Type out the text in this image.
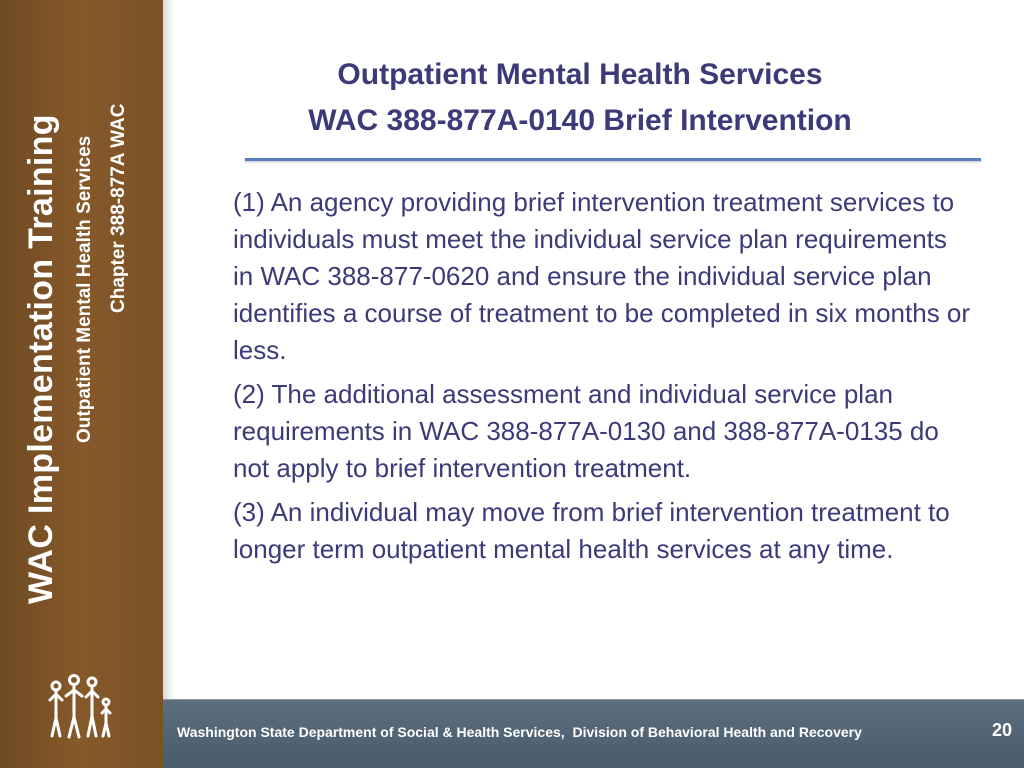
WAC Implementation Training Outpatient Mental Health Services Chapter 388-877A WAC
Outpatient Mental Health Services
WAC 388-877A-0140 Brief Intervention

(1) An agency providing brief intervention treatment services to individuals must meet the individual service plan requirements in WAC 388-877-0620 and ensure the individual service plan identifies a course of treatment to be completed in six months or less.

(2) The additional assessment and individual service plan requirements in WAC 388-877A-0130 and 388-877A-0135 do not apply to brief intervention treatment.

(3) An individual may move from brief intervention treatment to longer term outpatient mental health services at any time.

Washington State Department of Social & Health Services,  Division of Behavioral Health and Recovery	20
